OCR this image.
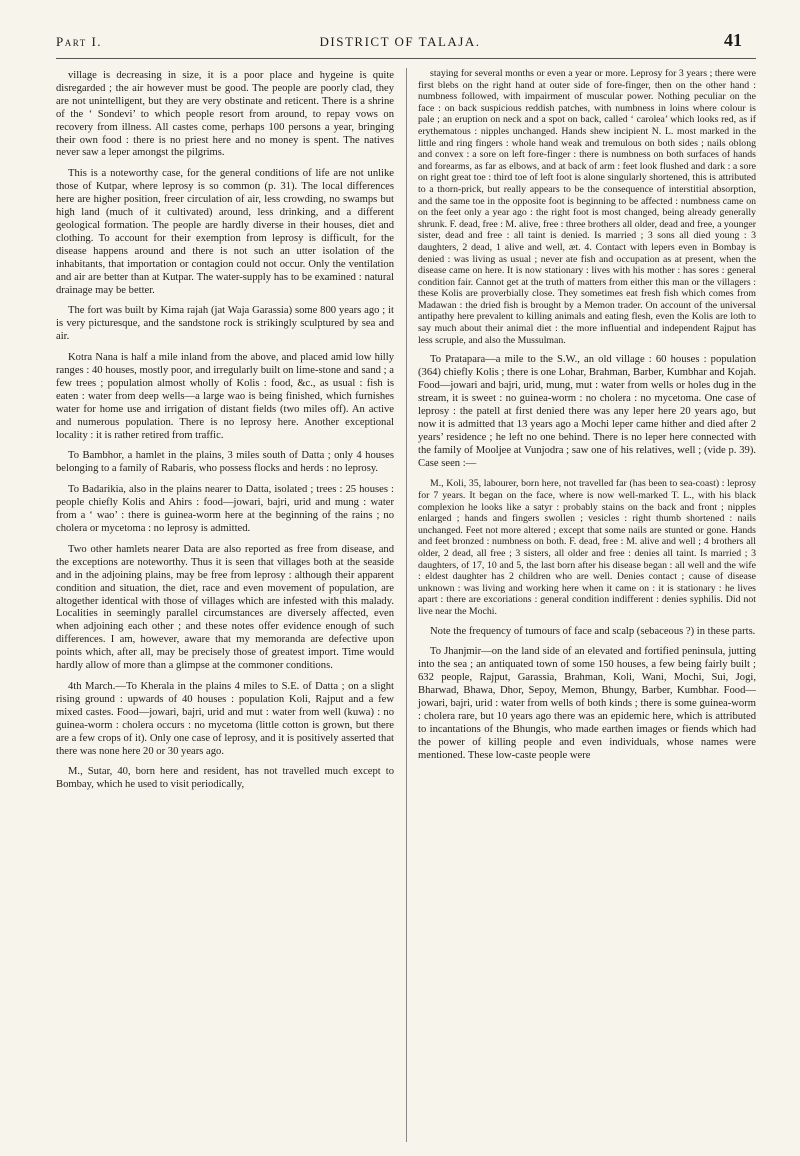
Part I.	DISTRICT OF TALAJA.	41

village is decreasing in size, it is a poor place and hygeine is quite disregarded ; the air however must be good. The people are poorly clad, they are not unintelligent, but they are very obstinate and reticent. There is a shrine of the ‘ Sondevi’ to which people resort from around, to repay vows on recovery from illness. All castes come, perhaps 100 persons a year, bringing their own food : there is no priest here and no money is spent. The natives never saw a leper amongst the pilgrims.

This is a noteworthy case, for the general conditions of life are not unlike those of Kutpar, where leprosy is so common (p. 31). The local differences here are higher position, freer circulation of air, less crowding, no swamps but high land (much of it cultivated) around, less drinking, and a different geological formation. The people are hardly diverse in their houses, diet and clothing. To account for their exemption from leprosy is difficult, for the disease happens around and there is not such an utter isolation of the inhabitants, that importation or contagion could not occur. Only the ventilation and air are better than at Kutpar. The water-supply has to be examined : natural drainage may be better.

The fort was built by Kima rajah (jat Waja Garassia) some 800 years ago ; it is very picturesque, and the sandstone rock is strikingly sculptured by sea and air.

Kotra Nana is half a mile inland from the above, and placed amid low hilly ranges : 40 houses, mostly poor, and irregularly built on lime-stone and sand ; a few trees ; population almost wholly of Kolis : food, &c., as usual : fish is eaten : water from deep wells—a large wao is being finished, which furnishes water for home use and irrigation of distant fields (two miles off). An active and numerous population. There is no leprosy here. Another exceptional locality : it is rather retired from traffic.

To Bambhor, a hamlet in the plains, 3 miles south of Datta ; only 4 houses belonging to a family of Rabaris, who possess flocks and herds : no leprosy.

To Badarikia, also in the plains nearer to Datta, isolated ; trees : 25 houses : people chiefly Kolis and Ahirs : food—jowari, bajri, urid and mung : water from a ‘ wao’ : there is guinea-worm here at the beginning of the rains ; no cholera or mycetoma : no leprosy is admitted.

Two other hamlets nearer Data are also reported as free from disease, and the exceptions are noteworthy. Thus it is seen that villages both at the seaside and in the adjoining plains, may be free from leprosy : although their apparent condition and situation, the diet, race and even movement of population, are altogether identical with those of villages which are infested with this malady. Localities in seemingly parallel circumstances are diversely affected, even when adjoining each other ; and these notes offer evidence enough of such differences. I am, however, aware that my memoranda are defective upon points which, after all, may be precisely those of greatest import. Time would hardly allow of more than a glimpse at the commoner conditions.

4th March.—To Kherala in the plains 4 miles to S.E. of Datta ; on a slight rising ground : upwards of 40 houses : population Koli, Rajput and a few mixed castes. Food—jowari, bajri, urid and mut : water from well (kuwa) : no guinea-worm : cholera occurs : no mycetoma (little cotton is grown, but there are a few crops of it). Only one case of leprosy, and it is positively asserted that there was none here 20 or 30 years ago.

M., Sutar, 40, born here and resident, has not travelled much except to Bombay, which he used to visit periodically,

staying for several months or even a year or more. Leprosy for 3 years ; there were first blebs on the right hand at outer side of fore-finger, then on the other hand : numbness followed, with impairment of muscular power. Nothing peculiar on the face : on back suspicious reddish patches, with numbness in loins where colour is pale ; an eruption on neck and a spot on back, called ‘ carolea’ which looks red, as if erythematous : nipples unchanged. Hands shew incipient N. L. most marked in the little and ring fingers : whole hand weak and tremulous on both sides ; nails oblong and convex : a sore on left fore-finger : there is numbness on both surfaces of hands and forearms, as far as elbows, and at back of arm : feet look flushed and dark : a sore on right great toe : third toe of left foot is alone singularly shortened, this is attributed to a thorn-prick, but really appears to be the consequence of interstitial absorption, and the same toe in the opposite foot is beginning to be affected : numbness came on on the feet only a year ago : the right foot is most changed, being already generally shrunk. F. dead, free : M. alive, free : three brothers all older, dead and free, a younger sister, dead and free : all taint is denied. Is married ; 3 sons all died young : 3 daughters, 2 dead, 1 alive and well, æt. 4. Contact with lepers even in Bombay is denied : was living as usual ; never ate fish and occupation as at present, when the disease came on here. It is now stationary : lives with his mother : has sores : general condition fair. Cannot get at the truth of matters from either this man or the villagers : these Kolis are proverbially close. They sometimes eat fresh fish which comes from Madawan : the dried fish is brought by a Memon trader. On account of the universal antipathy here prevalent to killing animals and eating flesh, even the Kolis are loth to say much about their animal diet : the more influential and independent Rajput has less scruple, and also the Mussulman.

To Pratapara—a mile to the S.W., an old village : 60 houses : population (364) chiefly Kolis ; there is one Lohar, Brahman, Barber, Kumbhar and Kojah. Food—jowari and bajri, urid, mung, mut : water from wells or holes dug in the stream, it is sweet : no guinea-worm : no cholera : no mycetoma. One case of leprosy : the patell at first denied there was any leper here 20 years ago, but now it is admitted that 13 years ago a Mochi leper came hither and died after 2 years’ residence ; he left no one behind. There is no leper here connected with the family of Mooljee at Vunjodra ; saw one of his relatives, well ; (vide p. 39). Case seen :—

M., Koli, 35, labourer, born here, not travelled far (has been to sea-coast) : leprosy for 7 years. It began on the face, where is now well-marked T. L., with his black complexion he looks like a satyr : probably stains on the back and front ; nipples enlarged ; hands and fingers swollen ; vesicles : right thumb shortened : nails unchanged. Feet not more altered ; except that some nails are stunted or gone. Hands and feet bronzed : numbness on both. F. dead, free : M. alive and well ; 4 brothers all older, 2 dead, all free ; 3 sisters, all older and free : denies all taint. Is married ; 3 daughters, of 17, 10 and 5, the last born after his disease began : all well and the wife : eldest daughter has 2 children who are well. Denies contact ; cause of disease unknown : was living and working here when it came on : it is stationary : he lives apart : there are excoriations : general condition indifferent : denies syphilis. Did not live near the Mochi.

Note the frequency of tumours of face and scalp (sebaceous ?) in these parts.

To Jhanjmir—on the land side of an elevated and fortified peninsula, jutting into the sea ; an antiquated town of some 150 houses, a few being fairly built ; 632 people, Rajput, Garassia, Brahman, Koli, Wani, Mochi, Sui, Jogi, Bharwad, Bhawa, Dhor, Sepoy, Memon, Bhungy, Barber, Kumbhar. Food—jowari, bajri, urid : water from wells of both kinds ; there is some guinea-worm : cholera rare, but 10 years ago there was an epidemic here, which is attributed to incantations of the Bhungis, who made earthen images or fiends which had the power of killing people and even individuals, whose names were mentioned. These low-caste people were
